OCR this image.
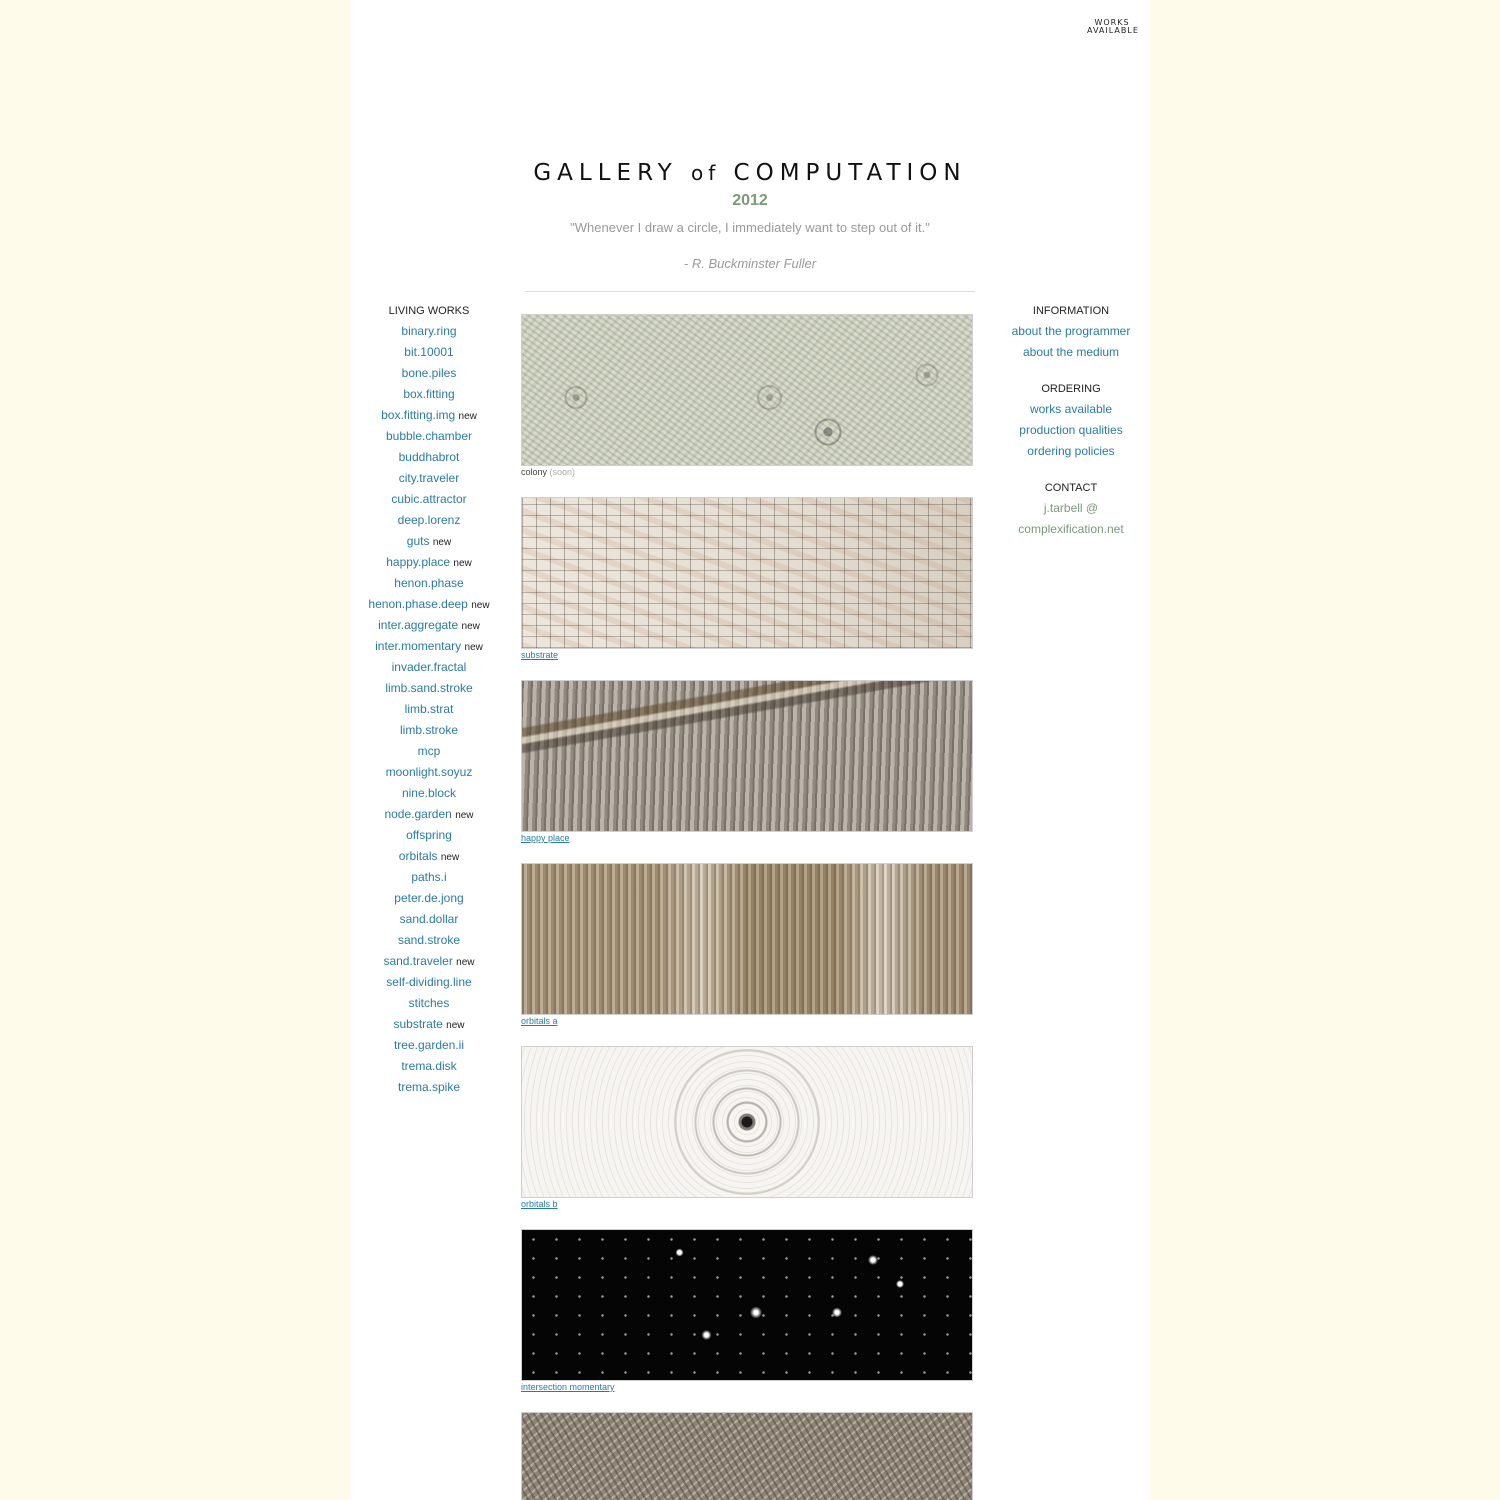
WORKS
AVAILABLE
GALLERY of COMPUTATION
2012
"Whenever I draw a circle, I immediately want to step out of it."
- R. Buckminster Fuller
LIVING WORKS
binary.ring
bit.10001
bone.piles
box.fitting
box.fitting.img new
bubble.chamber
buddhabrot
city.traveler
cubic.attractor
deep.lorenz
guts new
happy.place new
henon.phase
henon.phase.deep new
inter.aggregate new
inter.momentary new
invader.fractal
limb.sand.stroke
limb.strat
limb.stroke
mcp
moonlight.soyuz
nine.block
node.garden new
offspring
orbitals new
paths.i
peter.de.jong
sand.dollar
sand.stroke
sand.traveler new
self-dividing.line
stitches
substrate new
tree.garden.ii
trema.disk
trema.spike
INFORMATION
about the programmer
about the medium
ORDERING
works available
production qualities
ordering policies
CONTACT
j.tarbell @
complexification.net
colony (soon)
substrate
happy place
orbitals a
orbitals b
intersection momentary
